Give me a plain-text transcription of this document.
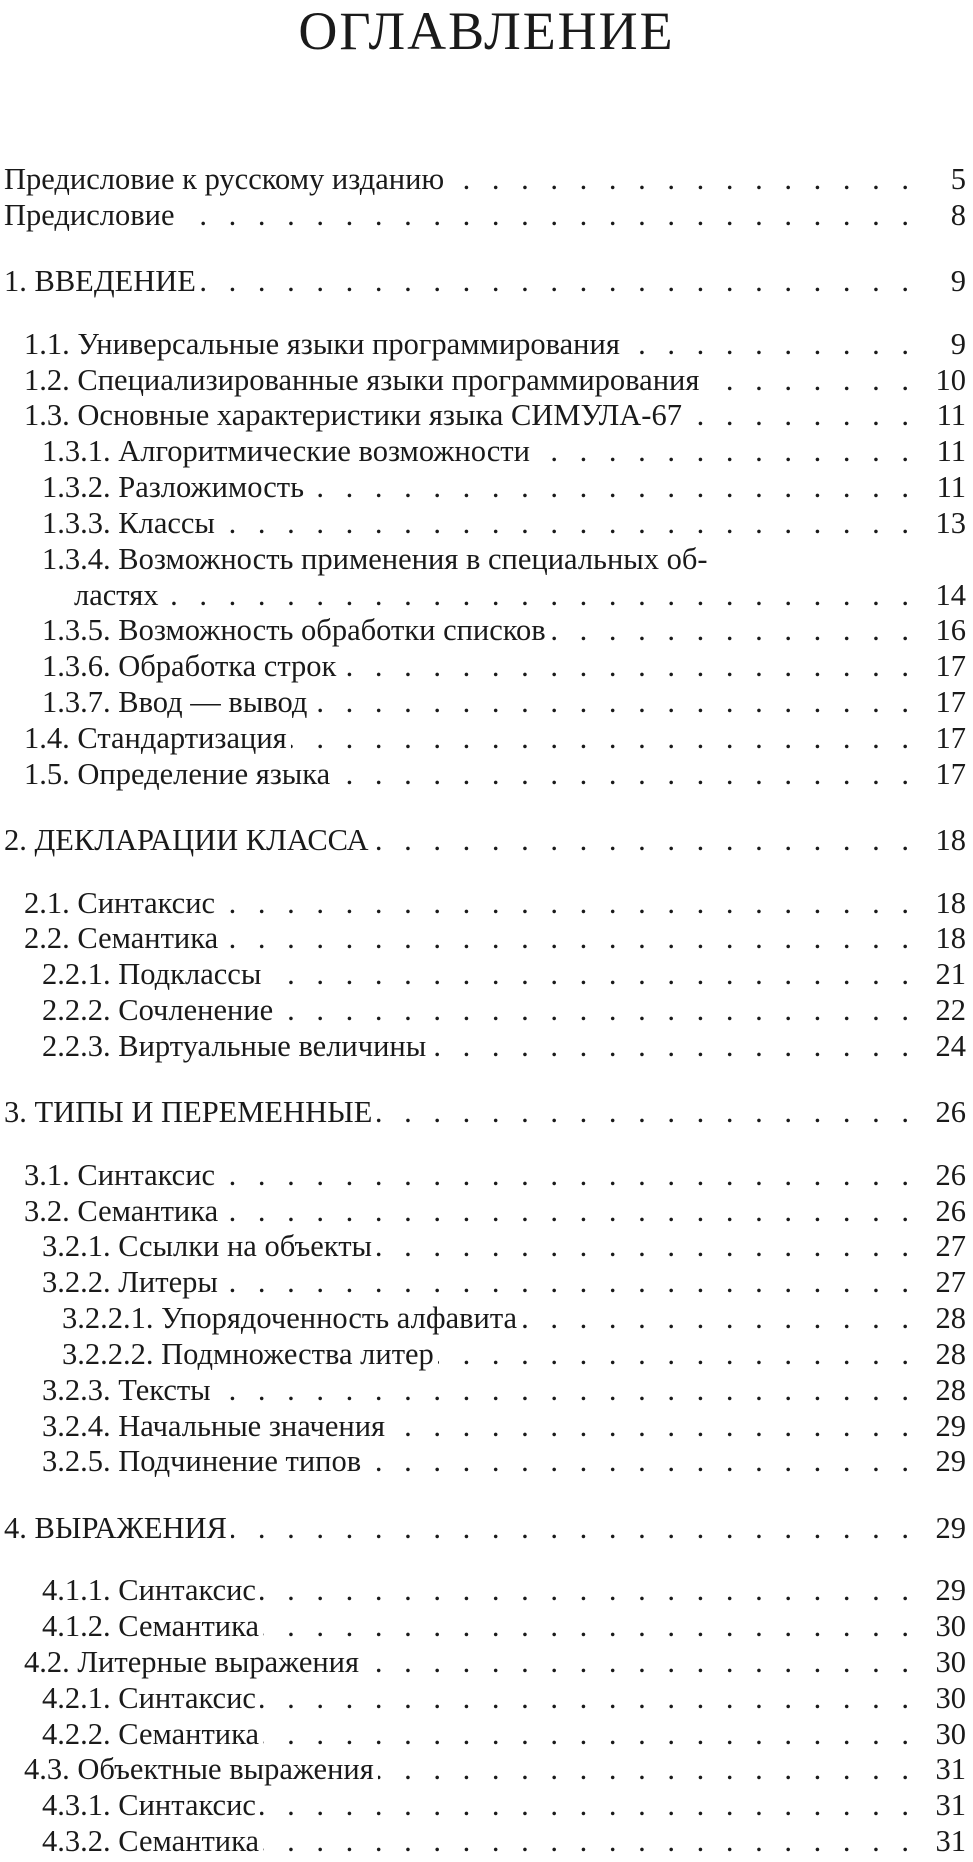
ОГЛАВЛЕНИЕ
Предисловие к русскому изданию . . .	5
Предисловие . . .	8
1. ВВЕДЕНИЕ . . .	9
1.1. Универсальные языки программирования . . .	9
1.2. Специализированные языки программирования . . .	10
1.3. Основные характеристики языка СИМУЛА-67 . . .	11
1.3.1. Алгоритмические возможности . . .	11
1.3.2. Разложимость . . .	11
1.3.3. Классы . . .	13
1.3.4. Возможность применения в специальных об-
ластях . . .	14
1.3.5. Возможность обработки списков . . .	16
1.3.6. Обработка строк . . .	17
1.3.7. Ввод — вывод . . .	17
1.4. Стандартизация . . .	17
1.5. Определение языка . . .	17
2. ДЕКЛАРАЦИИ КЛАССА . . .	18
2.1. Синтаксис . . .	18
2.2. Семантика . . .	18
2.2.1. Подклассы . . .	21
2.2.2. Сочленение . . .	22
2.2.3. Виртуальные величины . . .	24
3. ТИПЫ И ПЕРЕМЕННЫЕ . . .	26
3.1. Синтаксис . . .	26
3.2. Семантика . . .	26
3.2.1. Ссылки на объекты . . .	27
3.2.2. Литеры . . .	27
3.2.2.1. Упорядоченность алфавита . . .	28
3.2.2.2. Подмножества литер . . .	28
3.2.3. Тексты . . .	28
3.2.4. Начальные значения . . .	29
3.2.5. Подчинение типов . . .	29
4. ВЫРАЖЕНИЯ . . .	29
4.1.1. Синтаксис . . .	29
4.1.2. Семантика . . .	30
4.2. Литерные выражения . . .	30
4.2.1. Синтаксис . . .	30
4.2.2. Семантика . . .	30
4.3. Объектные выражения . . .	31
4.3.1. Синтаксис . . .	31
4.3.2. Семантика . . .	31
